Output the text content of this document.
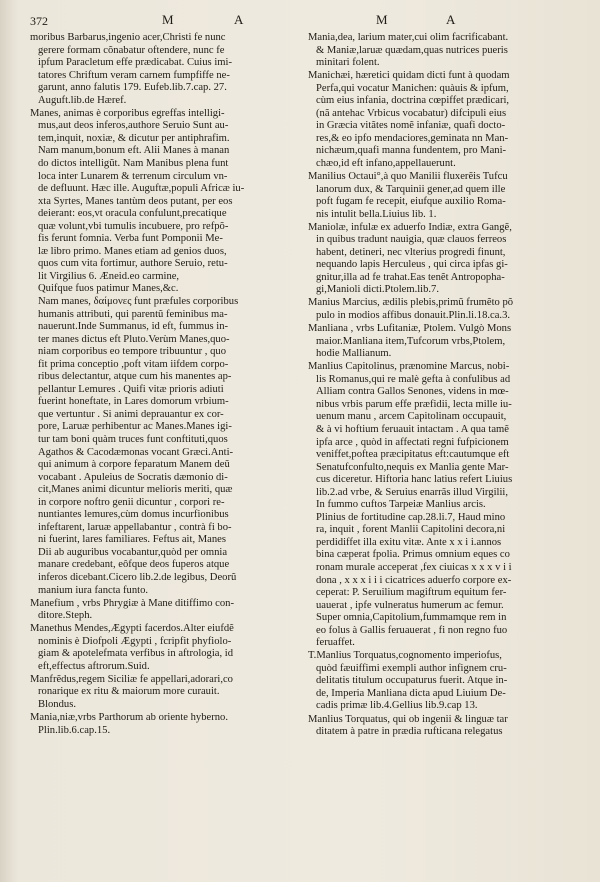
372	M	A	M	A
moribus Barbarus,ingenio acer,Christi fe nunc
gerere formam cõnabatur oftendere, nunc fe
ipfum Paracletum effe prædicabat. Cuius imi-
tatores Chriftum veram carnem fumpfiffe ne-
garunt, anno falutis 179. Eufeb.lib.7.cap. 27.
Auguft.lib.de Hæref.
Manes, animas è corporibus egreffas intelligi-
mus,aut deos inferos,authore Seruio Sunt au-
tem,inquit, noxiæ, & dicutur per antiphrafim.
Nam manum,bonum eft. Alii Manes à manan
do dictos intelligũt. Nam Manibus plena funt
loca inter Lunarem & terrenum circulum vn-
de defluunt. Hæc ille. Auguftæ,populi Africæ iu-
xta Syrtes, Manes tantùm deos putant, per eos
deierant: eos,vt oracula confulunt,precatique
quæ volunt,vbi tumulis incubuere, pro refpõ-
fis ferunt fomnia. Verba funt Pomponii Me-
læ libro primo. Manes etiam ad genios duos,
quos cum vita fortimur, authore Seruio, retu-
lit Virgilius 6. Æneid.eo carmine,
Quifque fuos patimur Manes,&c.
Nam manes, δαίμονες funt præfules corporibus
humanis attributi, qui parentũ feminibus ma-
nauerunt.Inde Summanus, id eft, fummus in-
ter manes dictus eft Pluto.Verùm Manes,quo-
niam corporibus eo tempore tribuuntur , quo
fit prima conceptio ,poft vitam iifdem corpo-
ribus delectantur, atque cum his manentes ap-
pellantur Lemures . Quifi vitæ prioris adiuti
fuerint honeftate, in Lares domorum vrbium-
que vertuntur . Si animi deprauantur ex cor-
pore, Laruæ perhibentur ac Manes.Manes igi-
tur tam boni quàm truces funt conftituti,quos
Agathos & Cacodæmonas vocant Græci.Anti-
qui animum à corpore feparatum Manem deũ
vocabant . Apuleius de Socratis dæmonio di-
cit,Manes animi dicuntur melioris meriti, quæ
in corpore noftro genii dicuntur , corpori re-
nuntiantes lemures,cùm domus incurfionibus
infeftarent, laruæ appellabantur , contrà fi bo-
ni fuerint, lares familiares. Feftus ait, Manes
Dii ab auguribus vocabantur,quòd per omnia
manare credebant, eôfque deos fuperos atque
inferos dicebant.Cicero lib.2.de legibus, Deorũ
manium iura fancta funto.
Manefium , vrbs Phrygiæ à Mane ditiffimo con-
ditore.Steph.
Manethus Mendes,Ægypti facerdos.Alter eiufdẽ
nominis è Diofpoli Ægypti , fcripfit phyfiolo-
giam & apotelefmata verfibus in aftrologia, id
eft,effectus aftrorum.Suid.
Manfrẽdus,regem Siciliæ fe appellari,adorari,co
ronarique ex ritu & maiorum more curauit.
Blondus.
Mania,niæ,vrbs Parthorum ab oriente hyberno.
Plin.lib.6.cap.15.
Mania,dea, larium mater,cui olim facrificabant.
& Maniæ,laruæ quædam,quas nutrices pueris
minitari folent.
Manichæi, hæretici quidam dicti funt à quodam
Perfa,qui vocatur Manichen: quàuis & ipfum,
cùm eius infania, doctrina cœpiffet prædicari,
(nã antehac Vrbicus vocabatur) difcipuli eius
in Græcia vitãtes nomẽ infaniæ, quafi docto-
res,& eo ipfo mendaciores,geminata nn Man-
nichæum,quafi manna fundentem, pro Mani-
chæo,id eft infano,appellauerunt.
Manilius Octaui°,à quo Manilii fluxerẽis Tufcu
lanorum dux, & Tarquinii gener,ad quem ille
poft fugam fe recepit, eiufque auxilio Roma-
nis intulit bella.Liuius lib. 1.
Maniolæ, infulæ ex aduerfo Indiæ, extra Gangẽ,
in quibus tradunt nauigia, quæ clauos ferreos
habent, detineri, nec vlterius progredi finunt,
nequando lapis Herculeus , qui circa ipfas gi-
gnitur,illa ad fe trahat.Eas tenẽt Antropopha-
gi,Manioli dicti.Ptolem.lib.7.
Manius Marcius, ædilis plebis,primũ frumẽto põ
pulo in modios affibus donauit.Plin.li.18.ca.3.
Manliana , vrbs Lufitaniæ, Ptolem. Vulgò Mons
maior.Manliana item,Tufcorum vrbs,Ptolem,
hodie Mallianum.
Manlius Capitolinus, prænomine Marcus, nobi-
lis Romanus,qui re malè gefta à confulibus ad
Alliam contra Gallos Senones, videns in mœ-
nibus vrbis parum effe præfidii, lecta mille iu-
uenum manu , arcem Capitolinam occupauit,
& à vi hoftium feruauit intactam . A qua tamẽ
ipfa arce , quòd in affectati regni fufpicionem
veniffet,poftea præcipitatus eft:cautumque eft
Senatufconfulto,nequis ex Manlia gente Mar-
cus diceretur. Hiftoria hanc latius refert Liuius
lib.2.ad vrbe, & Seruius enarrãs illud Virgilii,
In fummo cuftos Tarpeiæ Manlius arcis.
Plinius de fortitudine cap.28.li.7, Haud mino
ra, inquit , forent Manlii Capitolini decora,ni
perdidiffet illa exitu vitæ. Ante x x i i.annos
bina cæperat fpolia. Primus omnium eques co
ronam murale acceperat ,fex ciuicas x x x v i i
dona , x x x i i i cicatrices aduerfo corpore ex-
ceperat: P. Seruilium magiftrum equitum fer-
uauerat , ipfe vulneratus humerum ac femur.
Super omnia,Capitolium,fummamque rem in
eo folus à Gallis feruauerat , fi non regno fuo
feruaffet.
T.Manlius Torquatus,cognomento imperiofus,
quòd fæuiffimi exempli author infignem cru-
delitatis titulum occupaturus fuerit. Atque in-
de, Imperia Manliana dicta apud Liuium De-
cadis primæ lib.4.Gellius lib.9.cap 13.
Manlius Torquatus, qui ob ingenii & linguæ tar
ditatem à patre in prædia rufticana relegatus
